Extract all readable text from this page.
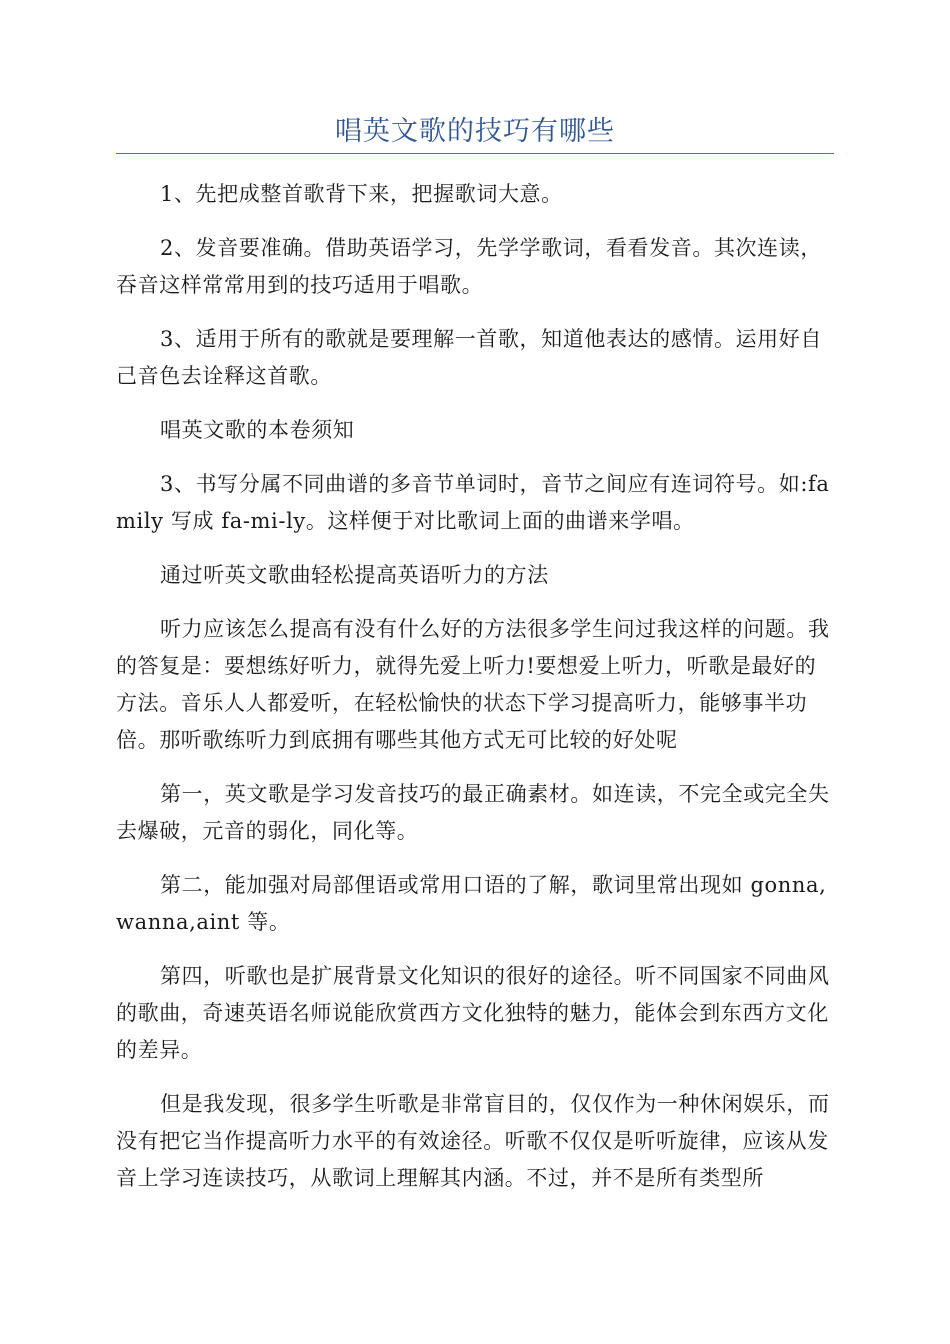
唱英文歌的技巧有哪些

1、先把成整首歌背下来，把握歌词大意。

2、发音要准确。借助英语学习，先学学歌词，看看发音。其次连读，吞音这样常常用到的技巧适用于唱歌。

3、适用于所有的歌就是要理解一首歌，知道他表达的感情。运用好自己音色去诠释这首歌。

唱英文歌的本卷须知

3、书写分属不同曲谱的多音节单词时，音节之间应有连词符号。如:family 写成 fa-mi-ly。这样便于对比歌词上面的曲谱来学唱。

通过听英文歌曲轻松提高英语听力的方法

听力应该怎么提高有没有什么好的方法很多学生问过我这样的问题。我的答复是：要想练好听力，就得先爱上听力!要想爱上听力，听歌是最好的方法。音乐人人都爱听，在轻松愉快的状态下学习提高听力，能够事半功倍。那听歌练听力到底拥有哪些其他方式无可比较的好处呢

第一，英文歌是学习发音技巧的最正确素材。如连读，不完全或完全失去爆破，元音的弱化，同化等。

第二，能加强对局部俚语或常用口语的了解，歌词里常出现如 gonna,wanna,aint 等。

第四，听歌也是扩展背景文化知识的很好的途径。听不同国家不同曲风的歌曲，奇速英语名师说能欣赏西方文化独特的魅力，能体会到东西方文化的差异。

但是我发现，很多学生听歌是非常盲目的，仅仅作为一种休闲娱乐，而没有把它当作提高听力水平的有效途径。听歌不仅仅是听听旋律，应该从发音上学习连读技巧，从歌词上理解其内涵。不过，并不是所有类型所
